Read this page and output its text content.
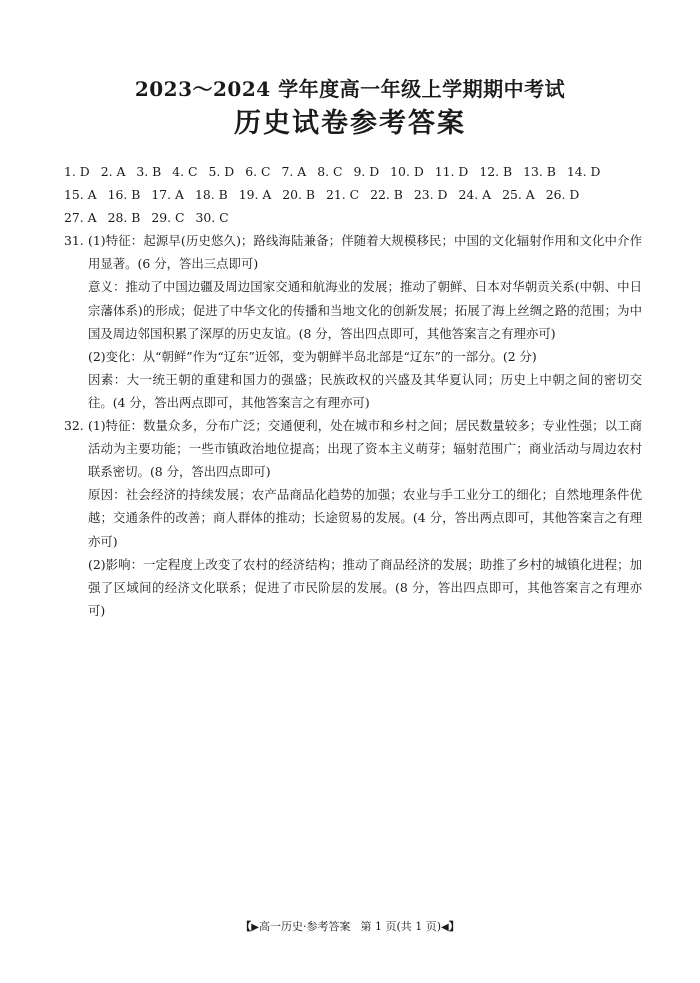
2023～2024 学年度高一年级上学期期中考试
历史试卷参考答案
1. D 2. A 3. B 4. C 5. D 6. C 7. A 8. C 9. D 10. D 11. D 12. B 13. B 14. D
15. A 16. B 17. A 18. B 19. A 20. B 21. C 22. B 23. D 24. A 25. A 26. D
27. A 28. B 29. C 30. C
31. (1)特征：起源早(历史悠久)；路线海陆兼备；伴随着大规模移民；中国的文化辐射作用和文化中介作用显著。(6 分，答出三点即可)

意义：推动了中国边疆及周边国家交通和航海业的发展；推动了朝鲜、日本对华朝贡关系(中朝、中日宗藩体系)的形成；促进了中华文化的传播和当地文化的创新发展；拓展了海上丝绸之路的范围；为中国及周边邻国积累了深厚的历史友谊。(8 分，答出四点即可，其他答案言之有理亦可)

(2)变化：从“朝鲜”作为“辽东”近邻，变为朝鲜半岛北部是“辽东”的一部分。(2 分)

因素：大一统王朝的重建和国力的强盛；民族政权的兴盛及其华夏认同；历史上中朝之间的密切交往。(4 分，答出两点即可，其他答案言之有理亦可)

32. (1)特征：数量众多，分布广泛；交通便利，处在城市和乡村之间；居民数量较多；专业性强；以工商活动为主要功能；一些市镇政治地位提高；出现了资本主义萌芽；辐射范围广；商业活动与周边农村联系密切。(8 分，答出四点即可)

原因：社会经济的持续发展；农产品商品化趋势的加强；农业与手工业分工的细化；自然地理条件优越；交通条件的改善；商人群体的推动；长途贸易的发展。(4 分，答出两点即可，其他答案言之有理亦可)

(2)影响：一定程度上改变了农村的经济结构；推动了商品经济的发展；助推了乡村的城镇化进程；加强了区域间的经济文化联系；促进了市民阶层的发展。(8 分，答出四点即可，其他答案言之有理亦可)

【▶高一历史·参考答案 第 1 页(共 1 页)◀】
